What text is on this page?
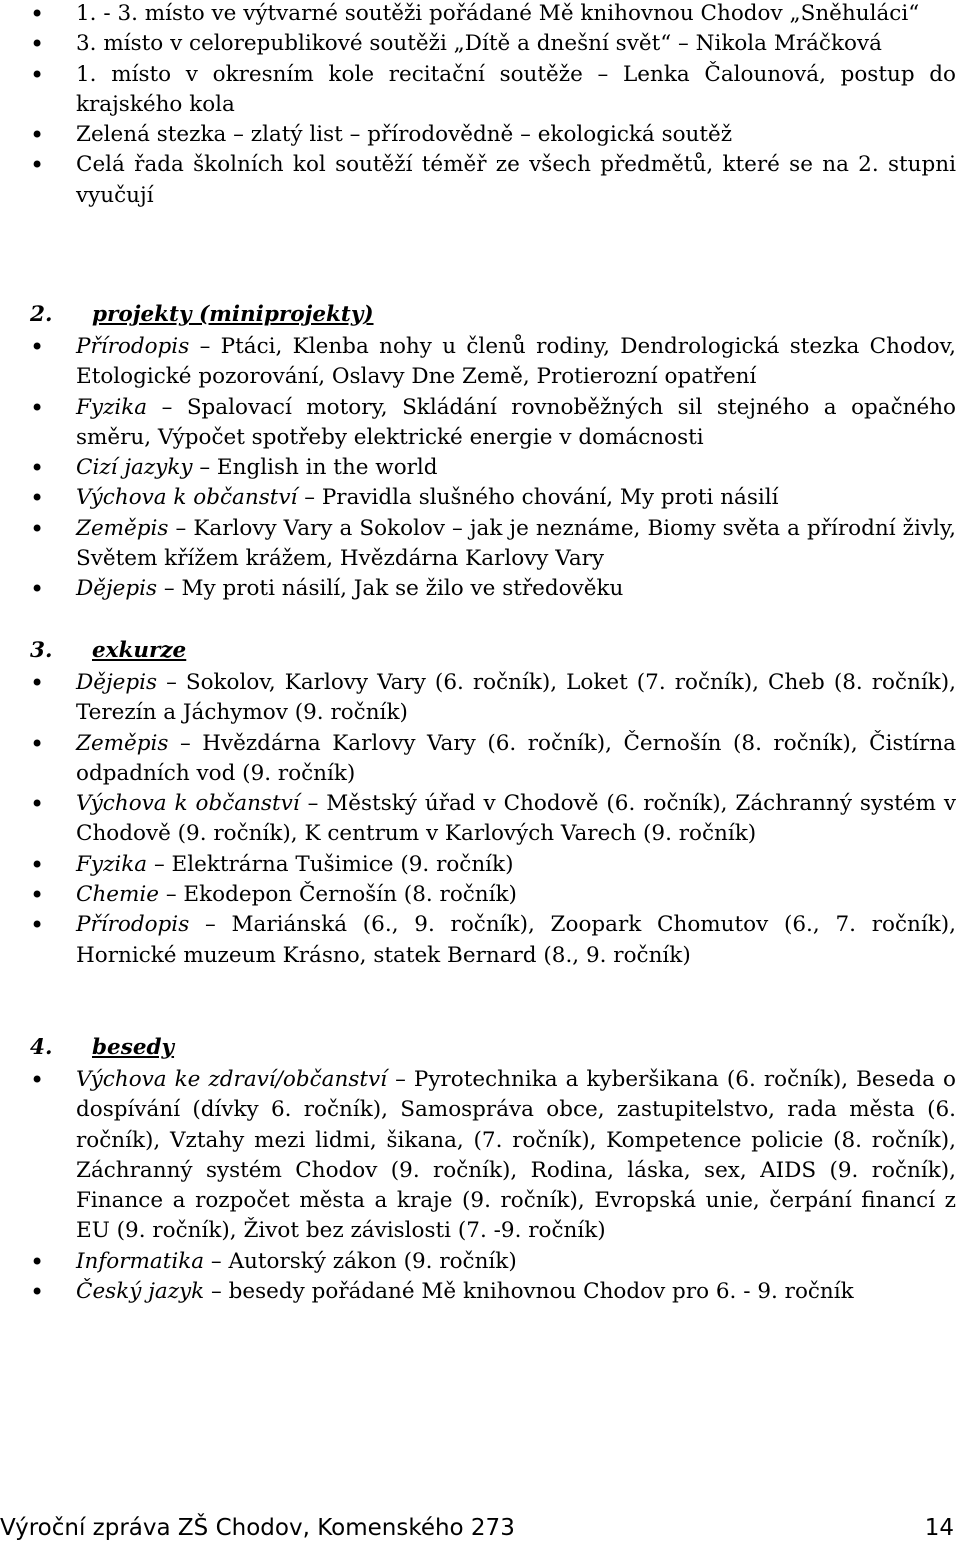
• 1. - 3. místo ve výtvarné soutěži pořádané Mě knihovnou Chodov „Sněhuláci“
• 3. místo v celorepublikové soutěži „Dítě a dnešní svět“ – Nikola Mráčková
• 1. místo v okresním kole recitační soutěže – Lenka Čalounová, postup do krajského kola
• Zelená stezka – zlatý list – přírodovědně – ekologická soutěž
• Celá řada školních kol soutěží téměř ze všech předmětů, které se na 2. stupni vyučují
2. projekty (miniprojekty)
• Přírodopis – Ptáci, Klenba nohy u členů rodiny, Dendrologická stezka Chodov, Etologické pozorování, Oslavy Dne Země, Protierozní opatření
• Fyzika – Spalovací motory, Skládání rovnoběžných sil stejného a opačného směru, Výpočet spotřeby elektrické energie v domácnosti
• Cizí jazyky – English in the world
• Výchova k občanství – Pravidla slušného chování, My proti násilí
• Zeměpis – Karlovy Vary a Sokolov – jak je neznáme, Biomy světa a přírodní živly, Světem křížem krážem, Hvězdárna Karlovy Vary
• Dějepis – My proti násilí, Jak se žilo ve středověku
3. exkurze
• Dějepis – Sokolov, Karlovy Vary (6. ročník), Loket (7. ročník), Cheb (8. ročník), Terezín a Jáchymov (9. ročník)
• Zeměpis – Hvězdárna Karlovy Vary (6. ročník), Černošín (8. ročník), Čistírna odpadních vod (9. ročník)
• Výchova k občanství – Městský úřad v Chodově (6. ročník), Záchranný systém v Chodově (9. ročník), K centrum v Karlových Varech (9. ročník)
• Fyzika – Elektrárna Tušimice (9. ročník)
• Chemie – Ekodepon Černošín (8. ročník)
• Přírodopis – Mariánská (6., 9. ročník), Zoopark Chomutov (6., 7. ročník), Hornické muzeum Krásno, statek Bernard (8., 9. ročník)
4. besedy
• Výchova ke zdraví/občanství – Pyrotechnika a kyberšikana (6. ročník), Beseda o dospívání (dívky 6. ročník), Samospráva obce, zastupitelstvo, rada města (6. ročník), Vztahy mezi lidmi, šikana, (7. ročník), Kompetence policie (8. ročník), Záchranný systém Chodov (9. ročník), Rodina, láska, sex, AIDS (9. ročník), Finance a rozpočet města a kraje (9. ročník), Evropská unie, čerpání financí z EU (9. ročník), Život bez závislosti (7. -9. ročník)
• Informatika – Autorský zákon (9. ročník)
• Český jazyk – besedy pořádané Mě knihovnou Chodov pro 6. - 9. ročník
Výroční zpráva ZŠ Chodov, Komenského 273	14
